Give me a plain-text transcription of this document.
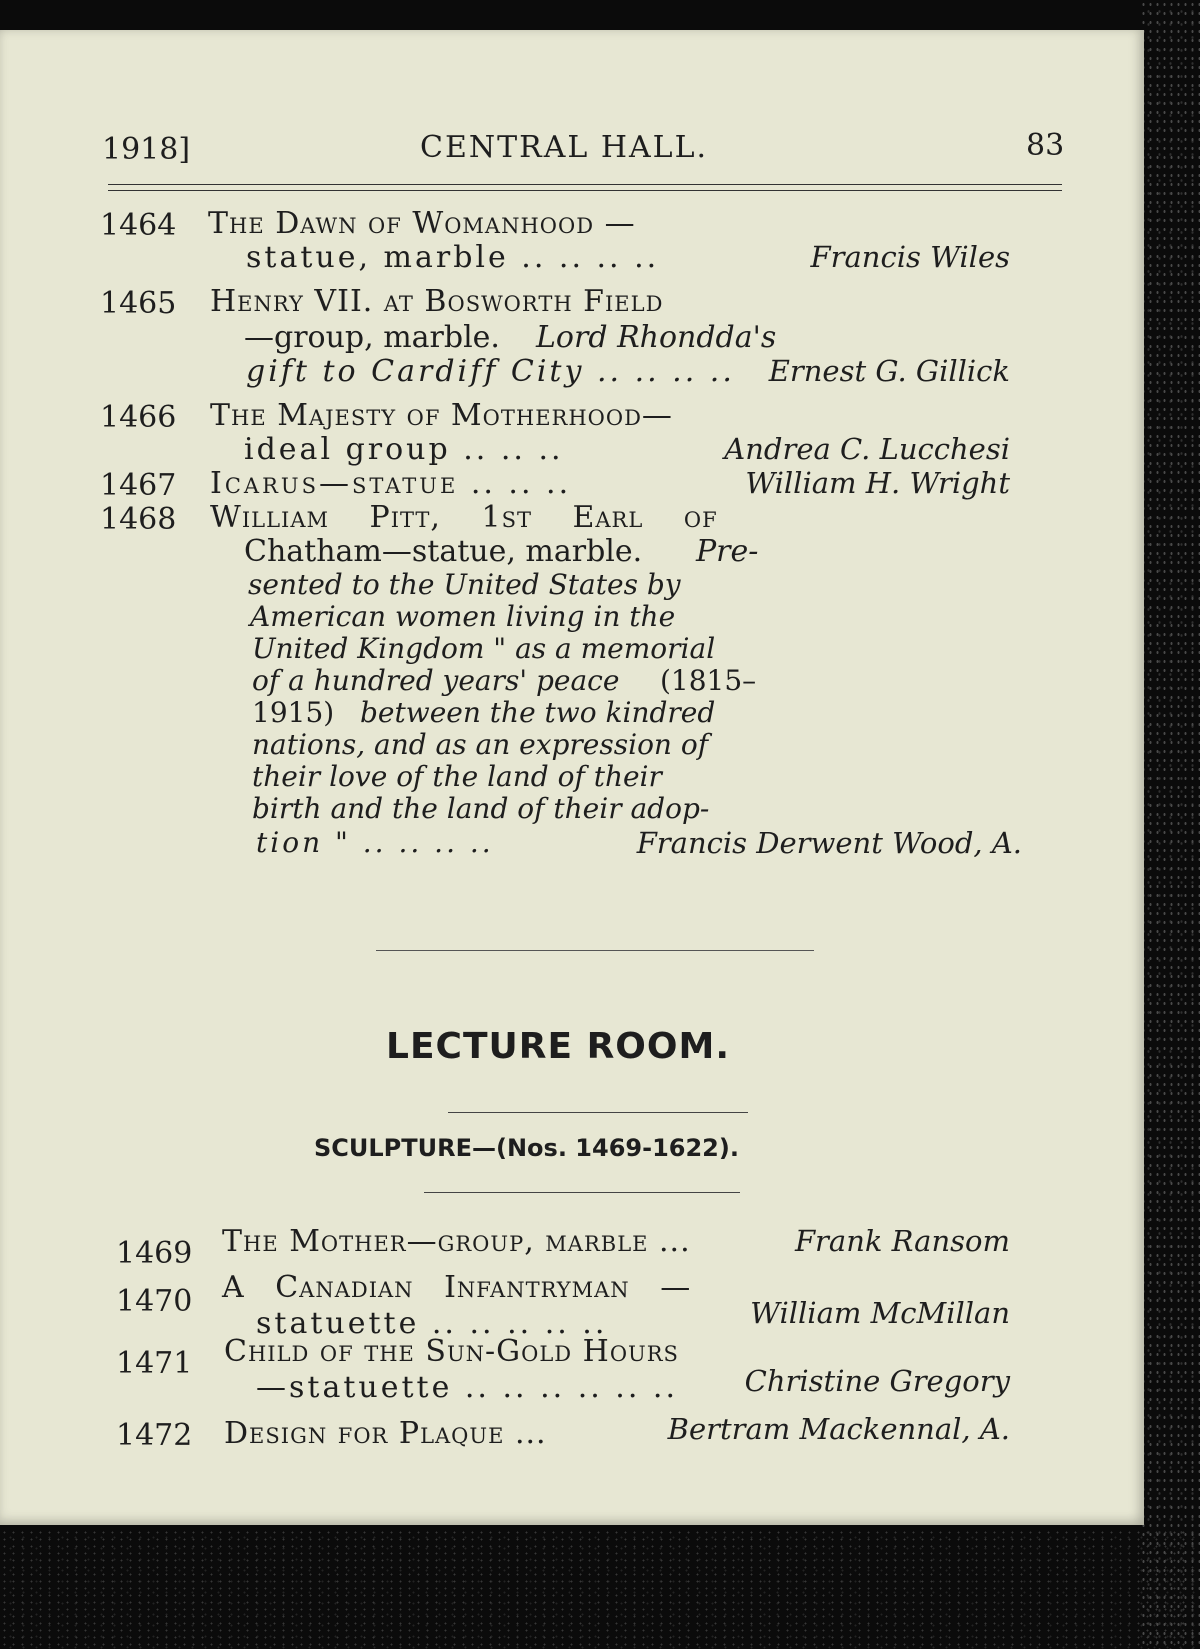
1918]	CENTRAL HALL.	83
1464 The Dawn of Womanhood —
statue, marble .. .. .. ..	Francis Wiles
1465 Henry VII. at Bosworth Field
—group, marble. Lord Rhondda's
gift to Cardiff City .. .. .. .. Ernest G. Gillick
1466 The Majesty of Motherhood—
ideal group .. .. ..	Andrea C. Lucchesi
1467 Icarus—statue .. .. ..	William H. Wright
1468 William Pitt, 1st Earl of
Chatham—statue, marble. Pre-
sented to the United States by
American women living in the
United Kingdom " as a memorial
of a hundred years' peace (1815–
1915) between the two kindred
nations, and as an expression of
their love of the land of their
birth and the land of their adop-
tion " .. .. .. ..	Francis Derwent Wood, A.
LECTURE ROOM.
SCULPTURE—(Nos. 1469-1622).
1469 The Mother—group, marble ...	Frank Ransom
1470 A Canadian Infantryman —
statuette .. .. .. .. ..	William McMillan
1471 Child of the Sun-Gold Hours
—statuette .. .. .. .. .. .. Christine Gregory
1472 Design for Plaque ...	Bertram Mackennal, A.
